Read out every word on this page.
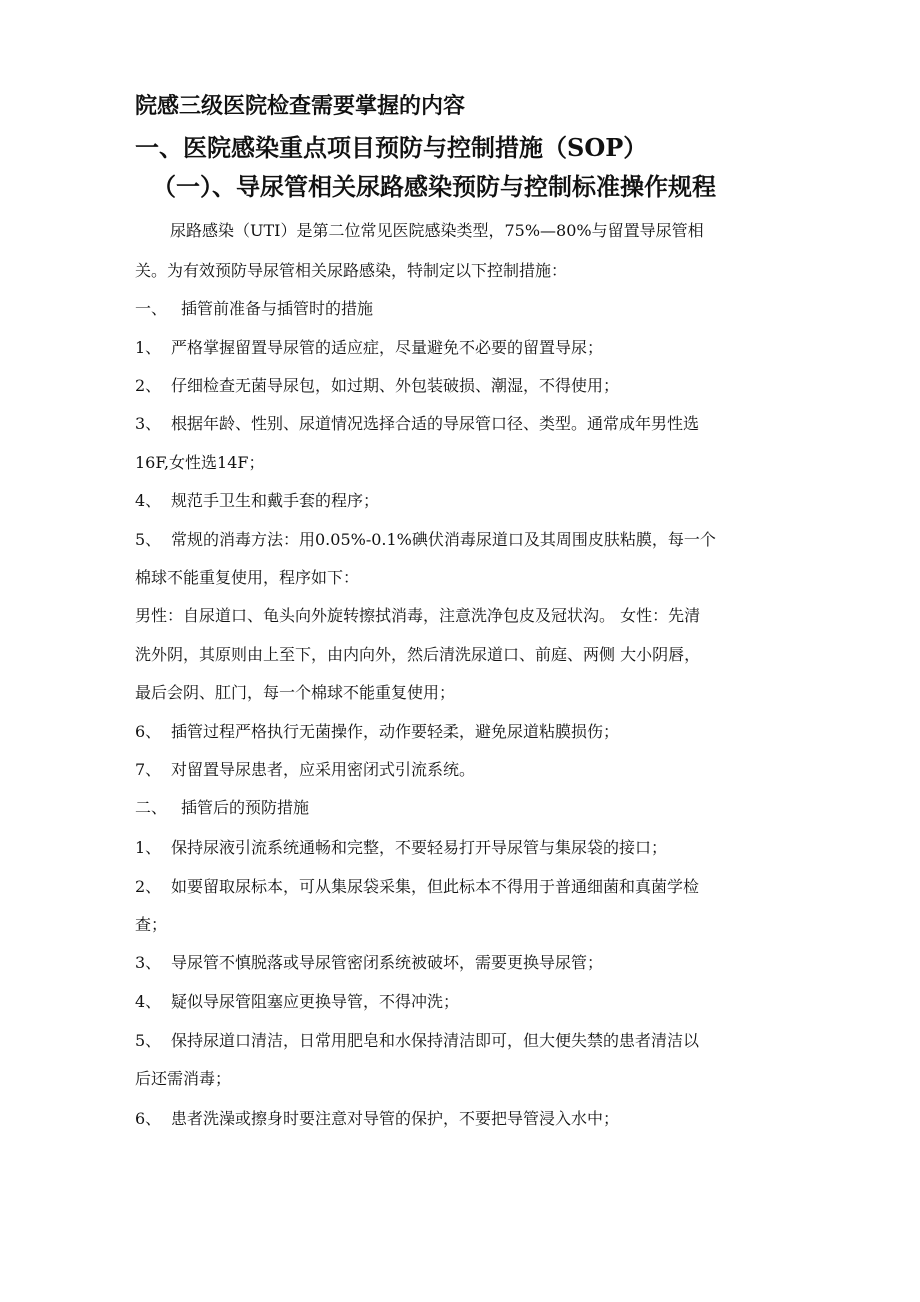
院感三级医院检查需要掌握的内容
一、医院感染重点项目预防与控制措施（SOP）
（一）、导尿管相关尿路感染预防与控制标准操作规程
尿路感染（UTI）是第二位常见医院感染类型，75%—80%与留置导尿管相
关。为有效预防导尿管相关尿路感染，特制定以下控制措施：
一、 插管前准备与插管时的措施
1、 严格掌握留置导尿管的适应症，尽量避免不必要的留置导尿；
2、 仔细检查无菌导尿包，如过期、外包装破损、潮湿，不得使用；
3、 根据年龄、性别、尿道情况选择合适的导尿管口径、类型。通常成年男性选
16F,女性选14F；
4、 规范手卫生和戴手套的程序；
5、 常规的消毒方法：用0.05%-0.1%碘伏消毒尿道口及其周围皮肤粘膜，每一个
棉球不能重复使用，程序如下：
男性：自尿道口、龟头向外旋转擦拭消毒，注意洗净包皮及冠状沟。 女性：先清
洗外阴，其原则由上至下，由内向外，然后清洗尿道口、前庭、两侧 大小阴唇，
最后会阴、肛门，每一个棉球不能重复使用；
6、 插管过程严格执行无菌操作，动作要轻柔，避免尿道粘膜损伤；
7、 对留置导尿患者，应采用密闭式引流系统。
二、 插管后的预防措施
1、 保持尿液引流系统通畅和完整，不要轻易打开导尿管与集尿袋的接口；
2、 如要留取尿标本，可从集尿袋采集，但此标本不得用于普通细菌和真菌学检
查；
3、 导尿管不慎脱落或导尿管密闭系统被破坏，需要更换导尿管；
4、 疑似导尿管阻塞应更换导管，不得冲洗；
5、 保持尿道口清洁，日常用肥皂和水保持清洁即可，但大便失禁的患者清洁以
后还需消毒；
6、 患者洗澡或擦身时要注意对导管的保护，不要把导管浸入水中；
